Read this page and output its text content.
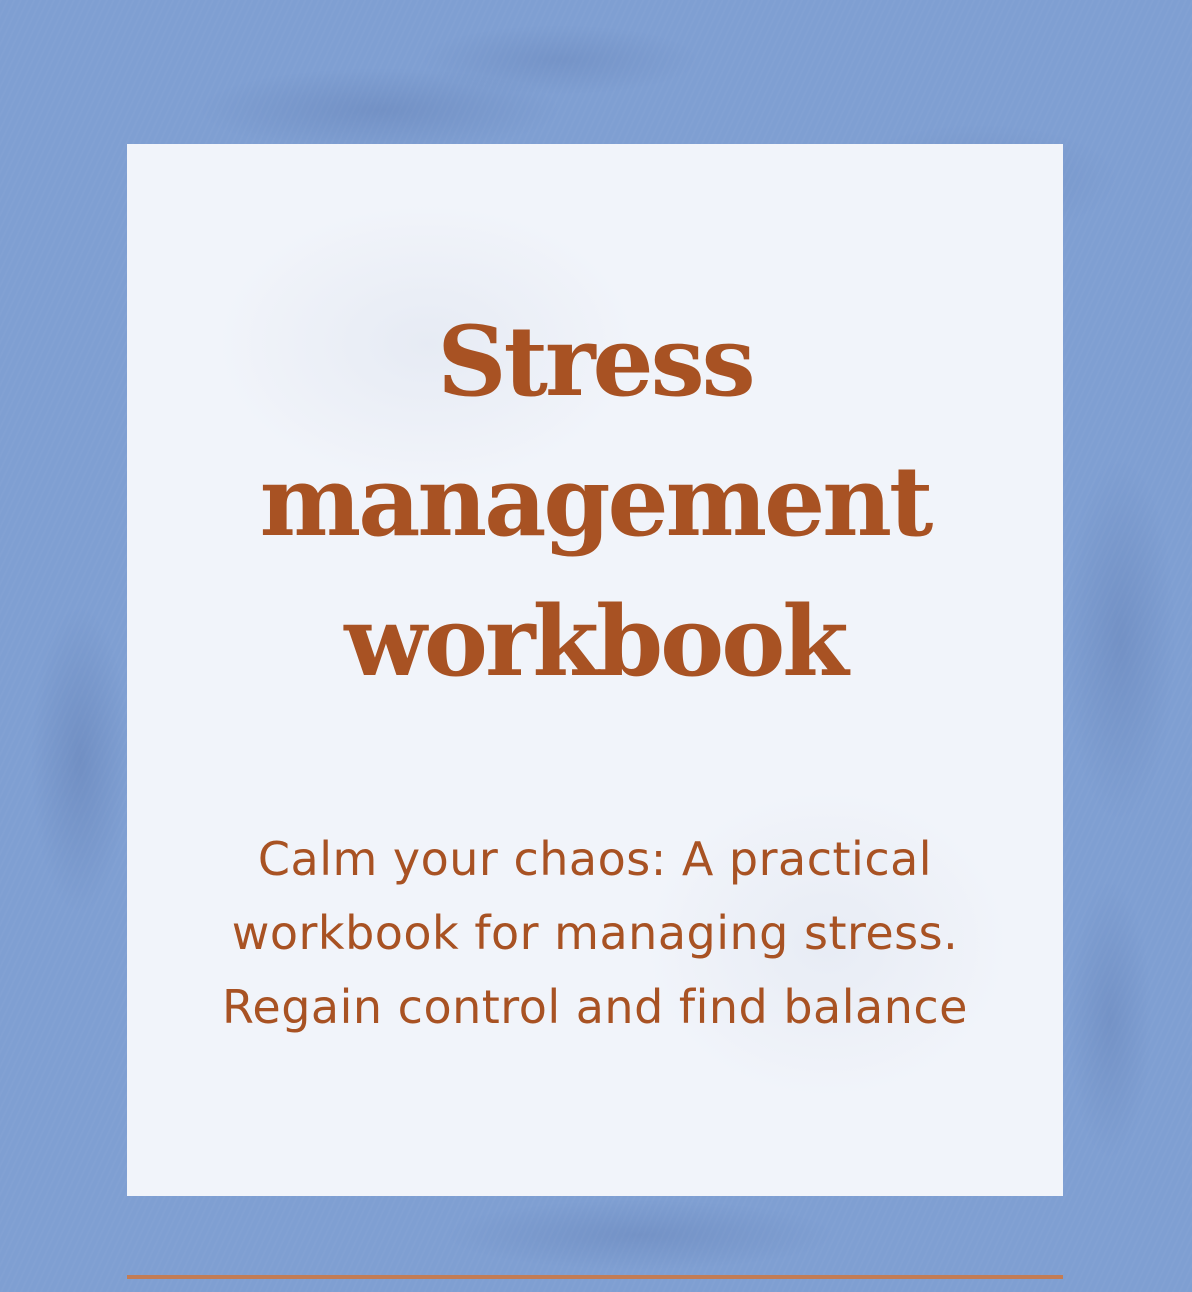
Stress
management
workbook

Calm your chaos: A practical
workbook for managing stress.
Regain control and find balance
